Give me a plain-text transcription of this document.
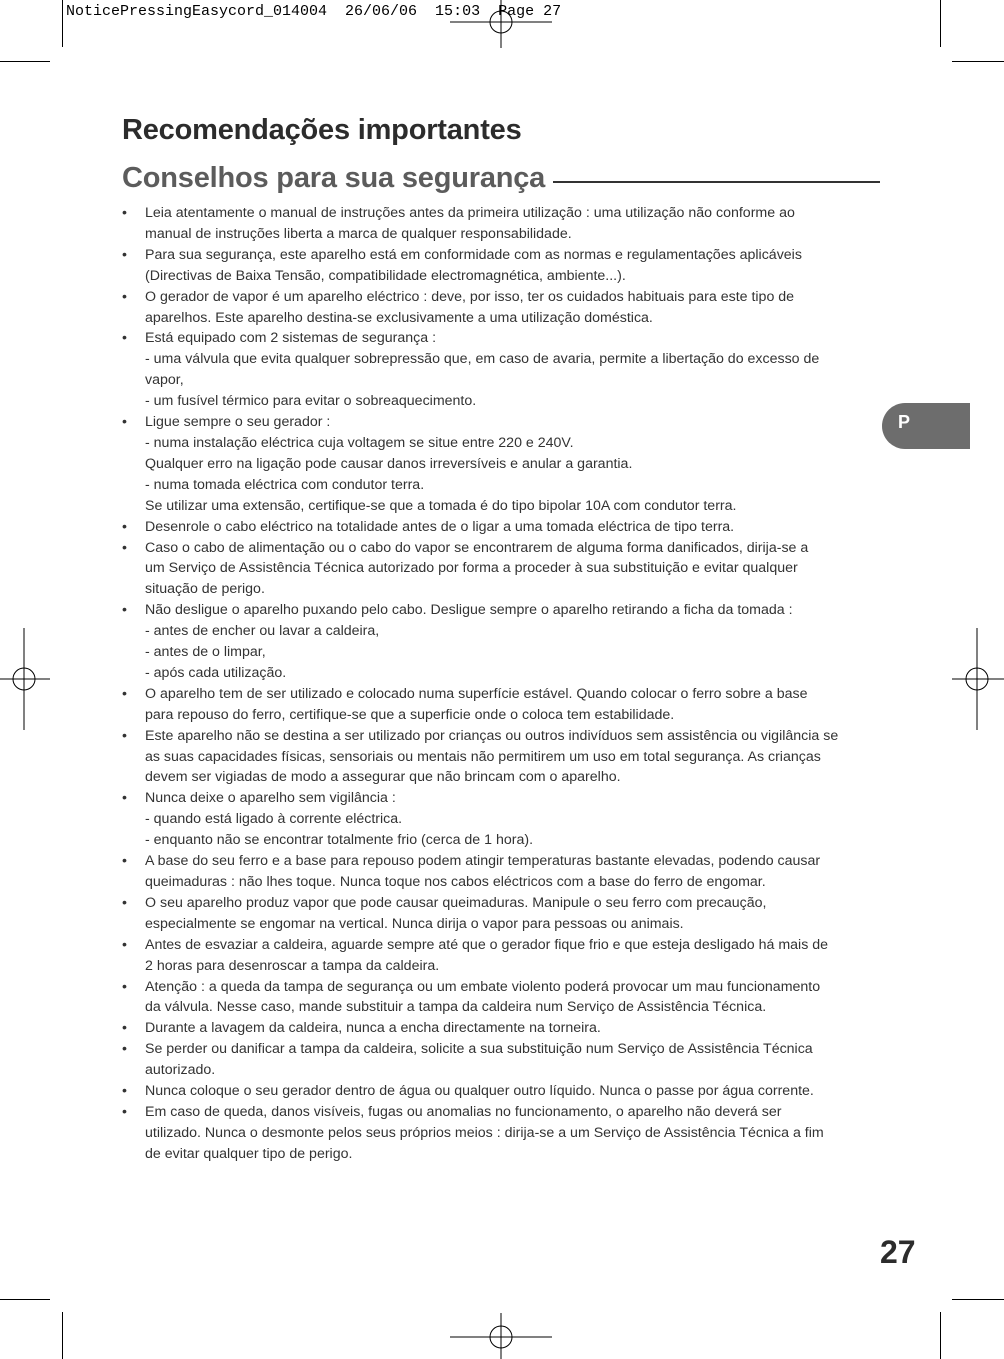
NoticePressingEasycord_014004  26/06/06  15:03  Page 27
Recomendações importantes
Conselhos para sua segurança
• Leia atentamente o manual de instruções antes da primeira utilização : uma utilização não conforme ao
manual de instruções liberta a marca de qualquer responsabilidade.
• Para sua segurança, este aparelho está em conformidade com as normas e regulamentações aplicáveis
(Directivas de Baixa Tensão, compatibilidade electromagnética, ambiente...).
• O gerador de vapor é um aparelho eléctrico : deve, por isso, ter os cuidados habituais para este tipo de
aparelhos. Este aparelho destina-se exclusivamente a uma utilização doméstica.
• Está equipado com 2 sistemas de segurança :
- uma válvula que evita qualquer sobrepressão que, em caso de avaria, permite a libertação do excesso de
vapor,
- um fusível térmico para evitar o sobreaquecimento.
• Ligue sempre o seu gerador :
- numa instalação eléctrica cuja voltagem se situe entre 220 e 240V.
Qualquer erro na ligação pode causar danos irreversíveis e anular a garantia.
- numa tomada eléctrica com condutor terra.
Se utilizar uma extensão, certifique-se que a tomada é do tipo bipolar 10A com condutor terra.
• Desenrole o cabo eléctrico na totalidade antes de o ligar a uma tomada eléctrica de tipo terra.
• Caso o cabo de alimentação ou o cabo do vapor se encontrarem de alguma forma danificados, dirija-se a
um Serviço de Assistência Técnica autorizado por forma a proceder à sua substituição e evitar qualquer
situação de perigo.
• Não desligue o aparelho puxando pelo cabo. Desligue sempre o aparelho retirando a ficha da tomada :
- antes de encher ou lavar a caldeira,
- antes de o limpar,
- após cada utilização.
• O aparelho tem de ser utilizado e colocado numa superfície estável. Quando colocar o ferro sobre a base
para repouso do ferro, certifique-se que a superficie onde o coloca tem estabilidade.
• Este aparelho não se destina a ser utilizado por crianças ou outros indivíduos sem assistência ou vigilância se
as suas capacidades físicas, sensoriais ou mentais não permitirem um uso em total segurança. As crianças
devem ser vigiadas de modo a assegurar que não brincam com o aparelho.
• Nunca deixe o aparelho sem vigilância :
- quando está ligado à corrente eléctrica.
- enquanto não se encontrar totalmente frio (cerca de 1 hora).
• A base do seu ferro e a base para repouso podem atingir temperaturas bastante elevadas, podendo causar
queimaduras : não lhes toque. Nunca toque nos cabos eléctricos com a base do ferro de engomar.
• O seu aparelho produz vapor que pode causar queimaduras. Manipule o seu ferro com precaução,
especialmente se engomar na vertical. Nunca dirija o vapor para pessoas ou animais.
• Antes de esvaziar a caldeira, aguarde sempre até que o gerador fique frio e que esteja desligado há mais de
2 horas para desenroscar a tampa da caldeira.
• Atenção : a queda da tampa de segurança ou um embate violento poderá provocar um mau funcionamento
da válvula. Nesse caso, mande substituir a tampa da caldeira num Serviço de Assistência Técnica.
• Durante a lavagem da caldeira, nunca a encha directamente na torneira.
• Se perder ou danificar a tampa da caldeira, solicite a sua substituição num Serviço de Assistência Técnica
autorizado.
• Nunca coloque o seu gerador dentro de água ou qualquer outro líquido. Nunca o passe por água corrente.
• Em caso de queda, danos visíveis, fugas ou anomalias no funcionamento, o aparelho não deverá ser
utilizado. Nunca o desmonte pelos seus próprios meios : dirija-se a um Serviço de Assistência Técnica a fim
de evitar qualquer tipo de perigo.
P
27
